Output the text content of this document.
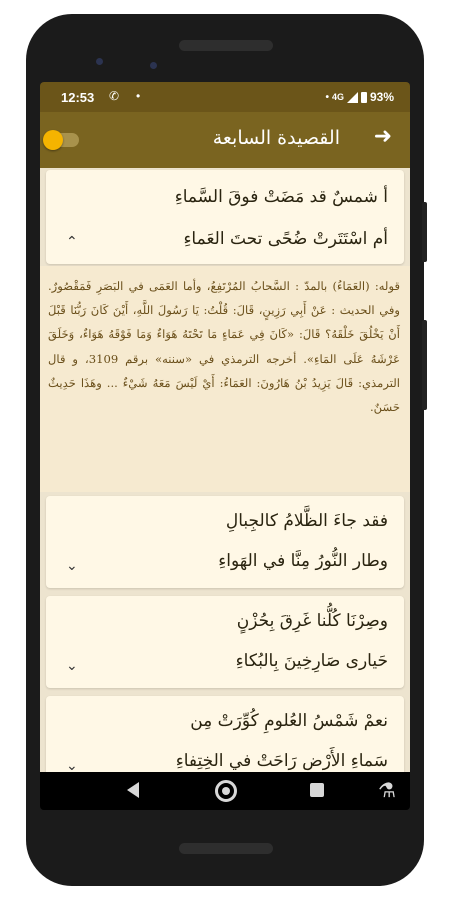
12:53 ✆ •	• 4G 93%
القصيدة السابعة ➜
أ شمسٌ قد مَضَتْ فوقَ السَّماءِ
أم اسْتَتَرتْ ضُحًى تحتَ العَماءِ
⌃
قوله: (العَمَاءُ) بالمدّ : السَّحابُ المُرْتَفِعُ، وأما العَمَى في البَصَرِ فَمَقْصُورٌ. وفي الحديث : عَنْ أَبِي رَزِينٍ، قَالَ: قُلْتُ: يَا رَسُولَ اللَّهِ، أَيْنَ كَانَ رَبُّنَا قَبْلَ أَنْ يَخْلُقَ خَلْقَهُ؟ قَالَ: «كَانَ فِي عَمَاءٍ مَا تَحْتَهُ هَوَاءٌ وَمَا فَوْقَهُ هَوَاءٌ، وَخَلَقَ عَرْشَهُ عَلَى المَاءِ». أخرجه الترمذي في «سننه» برقم 3109، و قال الترمذي: قَالَ يَزِيدُ بْنُ هَارُونَ: العَمَاءُ: أَيْ لَيْسَ مَعَهُ شَيْءٌ ... وهَذَا حَدِيثٌ حَسَنٌ.
فقد جاءَ الظَّلامُ كالجِبالِ
وطار النُّورُ مِنَّا في الهَواءِ
⌄
وصِرْنَا كُلُّنا غَرِقَ بِحُزْنٍ
حَيارى صَارِخِينَ بِالبُكاءِ
⌄
نعمْ شَمْسُ العُلومِ كُوِّرَتْ مِن
سَماءِ الأَرْضِ رَاحَتْ في الخِتِفاءِ
⌄
⚗
